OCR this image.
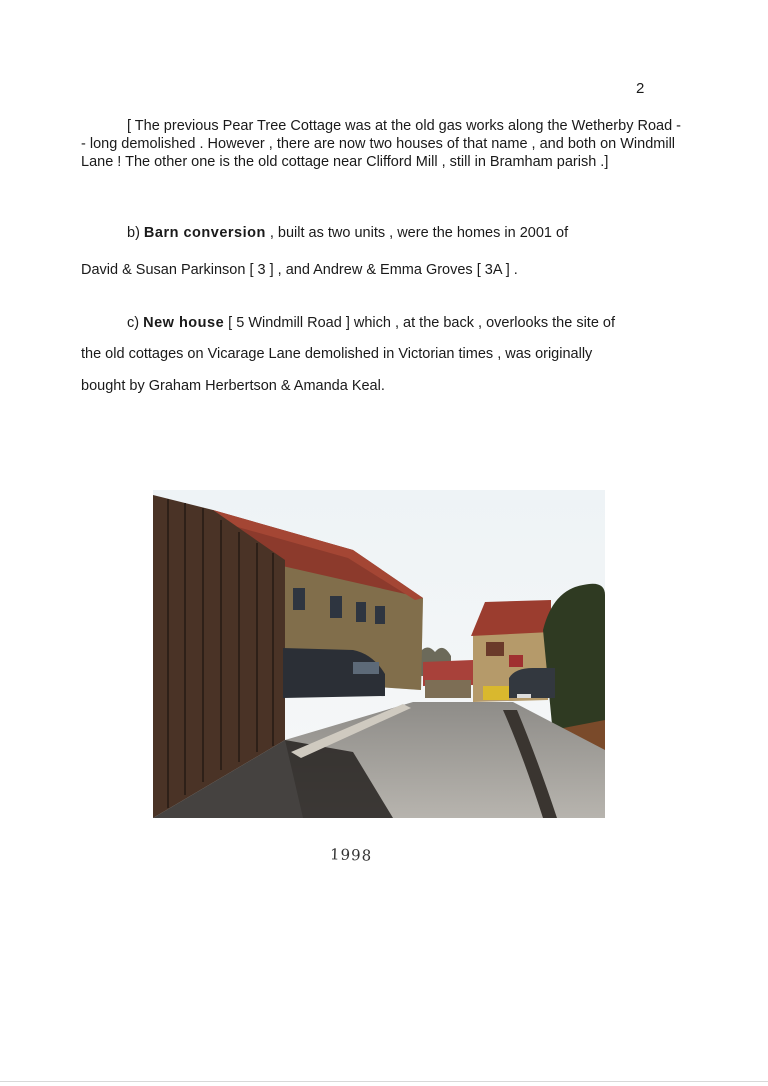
2

[ The previous Pear Tree Cottage was at the old gas works along the Wetherby Road -- long demolished . However , there are now two houses of that name , and both on Windmill Lane ! The other one is the old cottage near Clifford Mill , still in Bramham parish .]

b) Barn conversion , built as two units , were the homes in 2001 of
David & Susan Parkinson [ 3 ] , and Andrew & Emma Groves [ 3A ] .
c) New house [ 5 Windmill Road ] which , at the back , overlooks the site of
the old cottages on Vicarage Lane demolished in Victorian times , was originally
bought by Graham Herbertson & Amanda Keal.
1998
